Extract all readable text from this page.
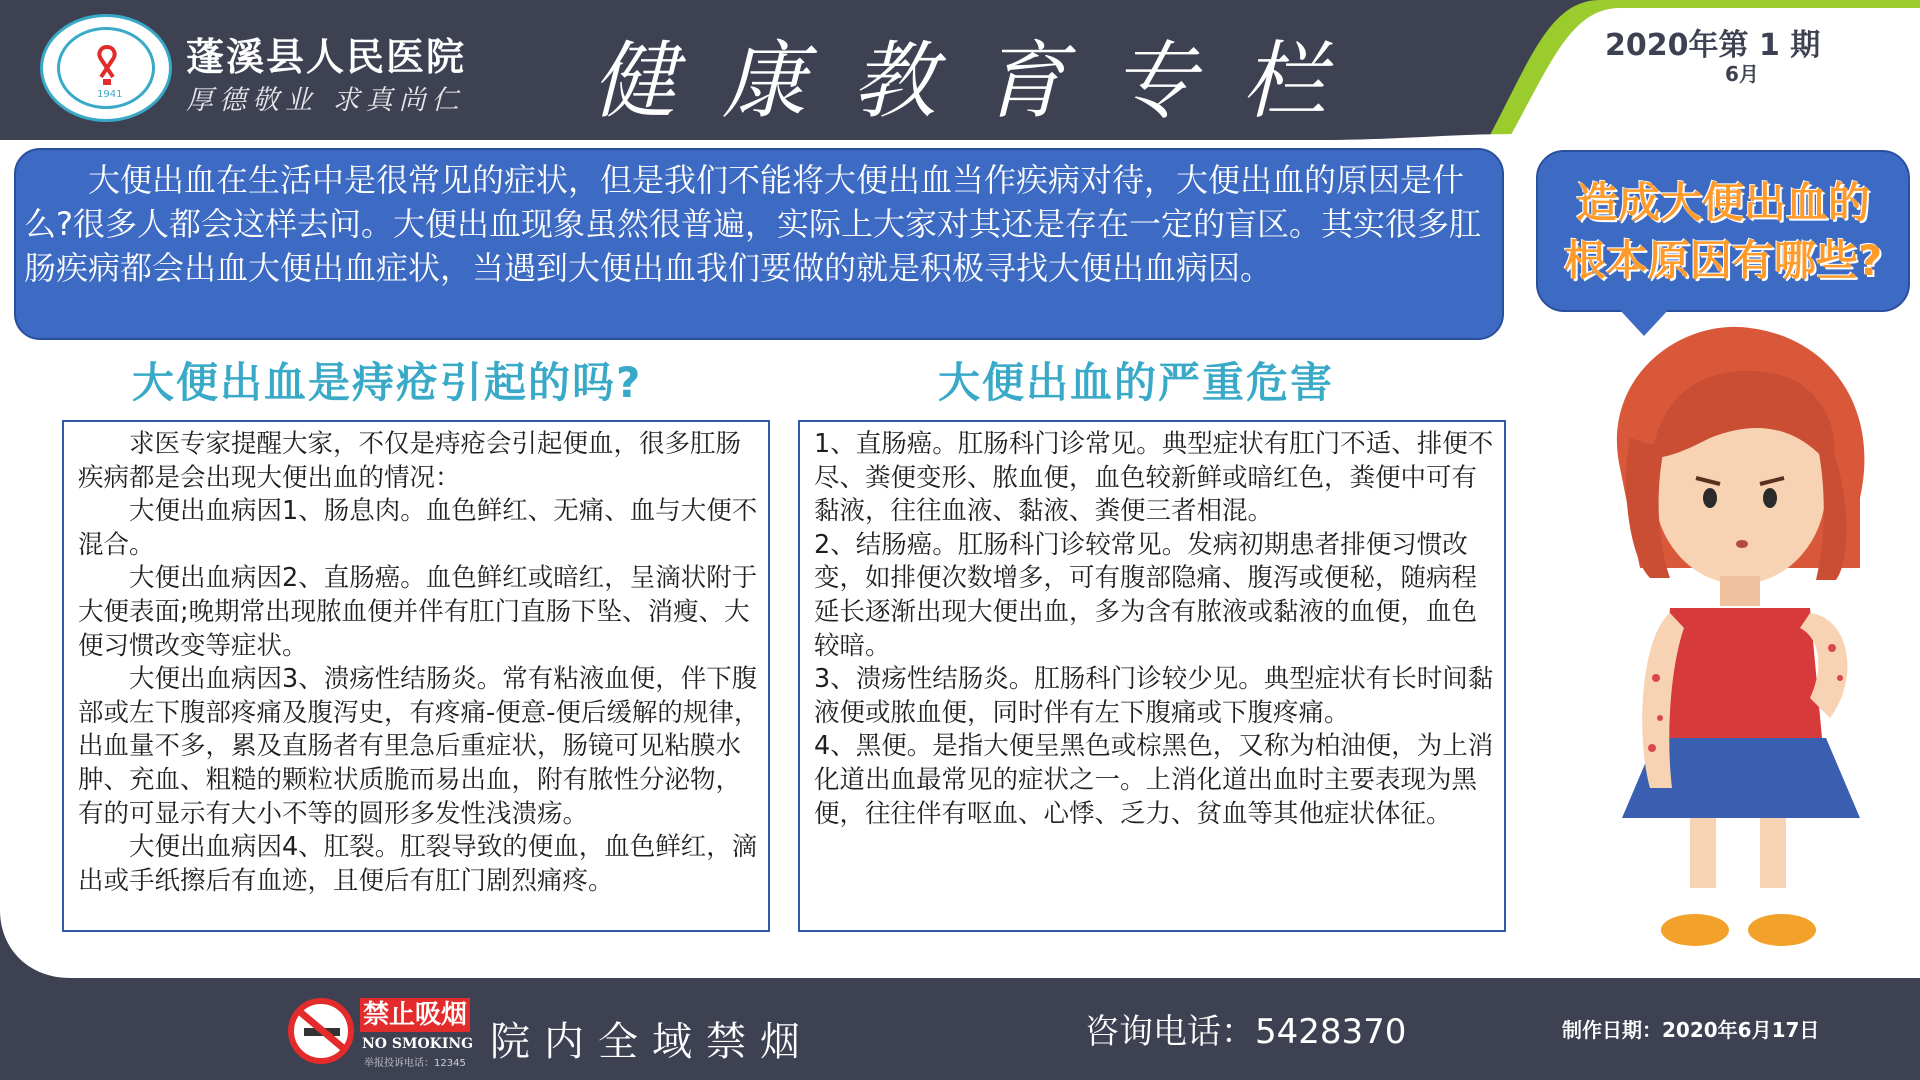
1941
蓬溪县人民医院
厚德敬业 求真尚仁 健康教育专栏	2020年第 1 期
6月
大便出血在生活中是很常见的症状，但是我们不能将大便出血当作疾病对待，大便出血的原因是什么?很多人都会这样去问。大便出血现象虽然很普遍，实际上大家对其还是存在一定的盲区。其实很多肛肠疾病都会出血大便出血症状，当遇到大便出血我们要做的就是积极寻找大便出血病因。
造成大便出血的
根本原因有哪些?
大便出血是痔疮引起的吗?	大便出血的严重危害

求医专家提醒大家，不仅是痔疮会引起便血，很多肛肠疾病都是会出现大便出血的情况：

大便出血病因1、肠息肉。血色鲜红、无痛、血与大便不混合。

大便出血病因2、直肠癌。血色鲜红或暗红，呈滴状附于大便表面;晚期常出现脓血便并伴有肛门直肠下坠、消瘦、大便习惯改变等症状。

大便出血病因3、溃疡性结肠炎。常有粘液血便，伴下腹部或左下腹部疼痛及腹泻史，有疼痛-便意-便后缓解的规律，出血量不多，累及直肠者有里急后重症状，肠镜可见粘膜水肿、充血、粗糙的颗粒状质脆而易出血，附有脓性分泌物，有的可显示有大小不等的圆形多发性浅溃疡。

大便出血病因4、肛裂。肛裂导致的便血，血色鲜红，滴出或手纸擦后有血迹，且便后有肛门剧烈痛疼。

1、直肠癌。肛肠科门诊常见。典型症状有肛门不适、排便不尽、粪便变形、脓血便，血色较新鲜或暗红色，粪便中可有黏液，往往血液、黏液、粪便三者相混。

2、结肠癌。肛肠科门诊较常见。发病初期患者排便习惯改变，如排便次数增多，可有腹部隐痛、腹泻或便秘，随病程延长逐渐出现大便出血，多为含有脓液或黏液的血便，血色较暗。

3、溃疡性结肠炎。肛肠科门诊较少见。典型症状有长时间黏液便或脓血便，同时伴有左下腹痛或下腹疼痛。

4、黑便。是指大便呈黑色或棕黑色，又称为柏油便，为上消化道出血最常见的症状之一。上消化道出血时主要表现为黑便，往往伴有呕血、心悸、乏力、贫血等其他症状体征。

禁止吸烟
NO SMOKING
举报投诉电话：12345 院内全域禁烟	咨询电话：5428370	制作日期：2020年6月17日
